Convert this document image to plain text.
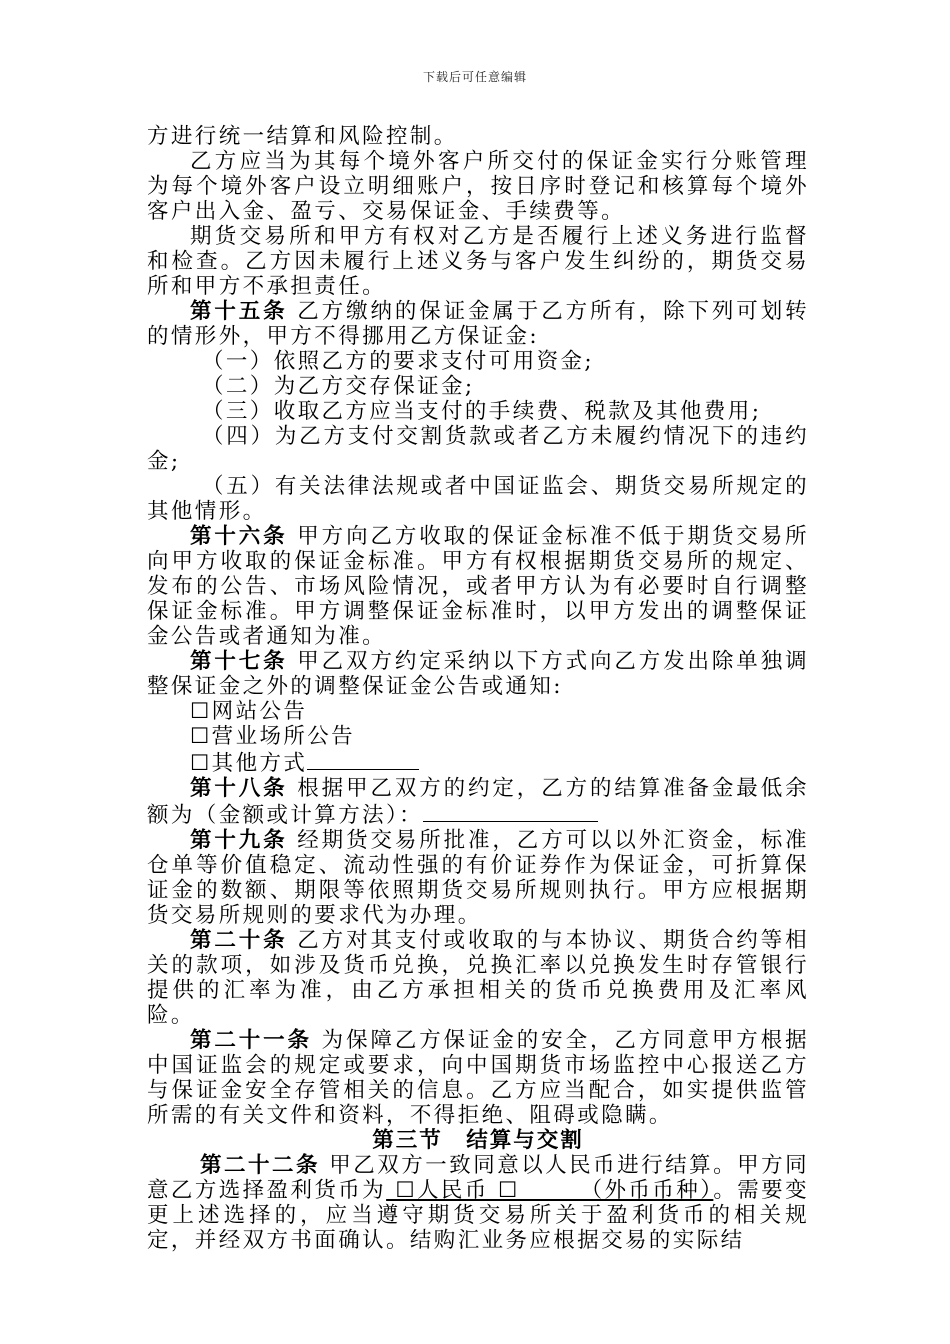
下载后可任意编辑

方进行统一结算和风险控制。

乙方应当为其每个境外客户所交付的保证金实行分账管理为每个境外客户设立明细账户，按日序时登记和核算每个境外客户出入金、盈亏、交易保证金、手续费等。

期货交易所和甲方有权对乙方是否履行上述义务进行监督和检查。乙方因未履行上述义务与客户发生纠纷的，期货交易所和甲方不承担责任。

第十五条 乙方缴纳的保证金属于乙方所有，除下列可划转的情形外，甲方不得挪用乙方保证金:

（一）依照乙方的要求支付可用资金;

（二）为乙方交存保证金;

（三）收取乙方应当支付的手续费、税款及其他费用;

（四）为乙方支付交割货款或者乙方未履约情况下的违约金;

（五）有关法律法规或者中国证监会、期货交易所规定的其他情形。

第十六条 甲方向乙方收取的保证金标准不低于期货交易所向甲方收取的保证金标准。甲方有权根据期货交易所的规定、发布的公告、市场风险情况，或者甲方认为有必要时自行调整保证金标准。甲方调整保证金标准时，以甲方发出的调整保证金公告或者通知为准。

第十七条 甲乙双方约定采纳以下方式向乙方发出除单独调整保证金之外的调整保证金公告或通知:

☐网站公告

☐营业场所公告

☐其他方式

第十八条 根据甲乙双方的约定，乙方的结算准备金最低余额为（金额或计算方法）：

第十九条 经期货交易所批准，乙方可以以外汇资金，标准仓单等价值稳定、流动性强的有价证券作为保证金，可折算保证金的数额、期限等依照期货交易所规则执行。甲方应根据期货交易所规则的要求代为办理。

第二十条 乙方对其支付或收取的与本协议、期货合约等相关的款项，如涉及货币兑换，兑换汇率以兑换发生时存管银行提供的汇率为准，由乙方承担相关的货币兑换费用及汇率风险。

第二十一条 为保障乙方保证金的安全，乙方同意甲方根据中国证监会的规定或要求，向中国期货市场监控中心报送乙方与保证金安全存管相关的信息。乙方应当配合，如实提供监管所需的有关文件和资料，不得拒绝、阻碍或隐瞒。

第三节　结算与交割

第二十二条 甲乙双方一致同意以人民币进行结算。甲方同意乙方选择盈利货币为 ☐人民币 ☐　　　（外币币种）。需要变更上述选择的，应当遵守期货交易所关于盈利货币的相关规定，并经双方书面确认。结购汇业务应根据交易的实际结
